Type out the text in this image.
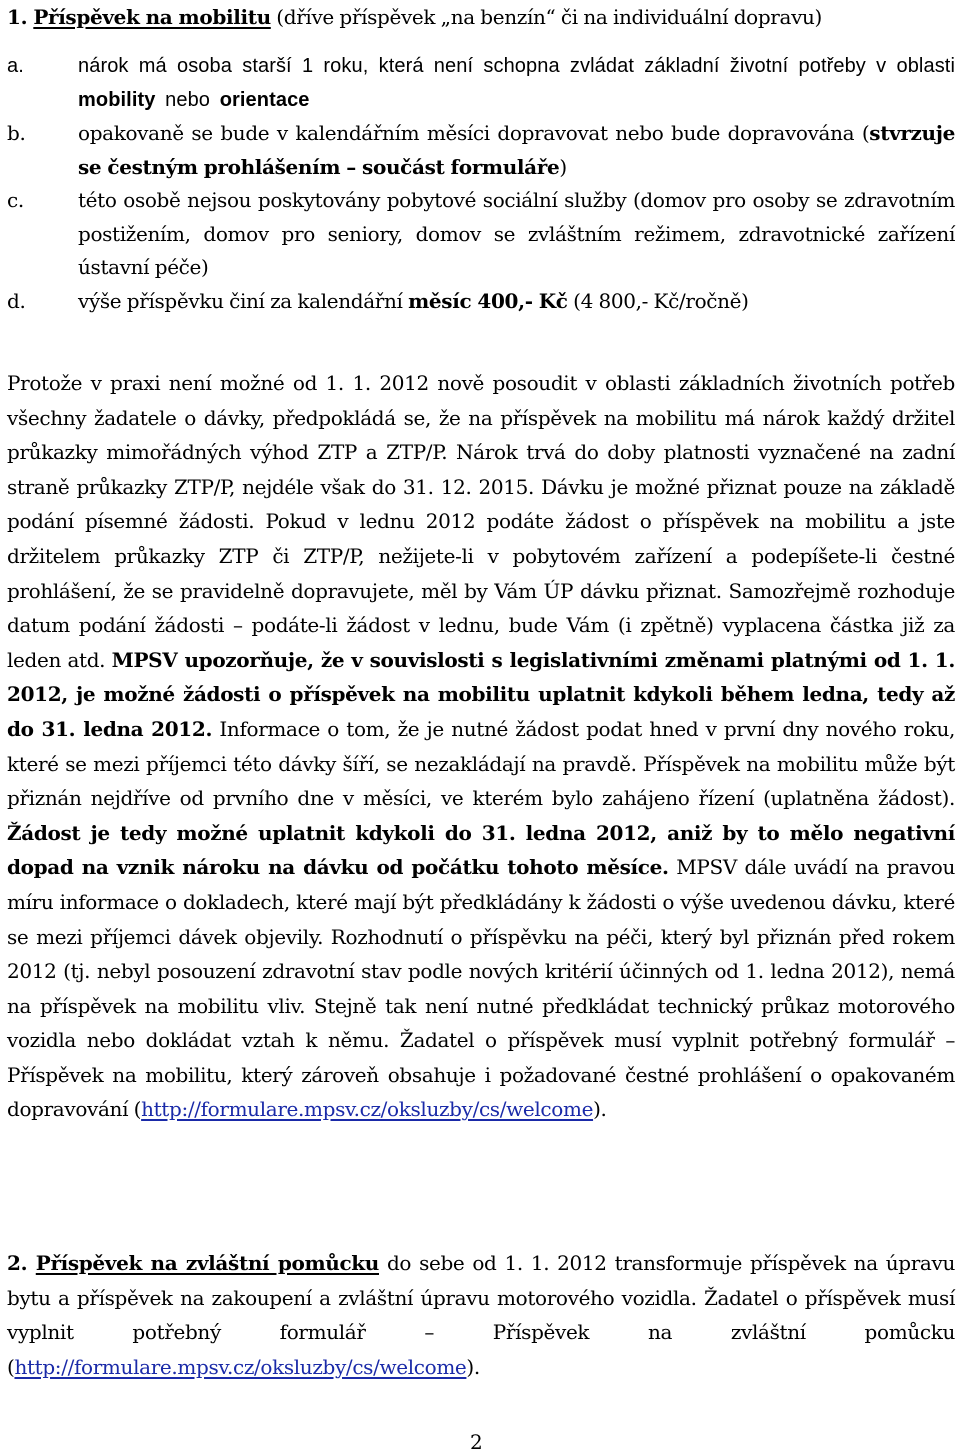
1. Příspěvek na mobilitu (dříve příspěvek „na benzín“ či na individuální dopravu)

a.	nárok má osoba starší 1 roku, která není schopna zvládat základní životní potřeby v oblasti mobility nebo orientace
b.	opakovaně se bude v kalendářním měsíci dopravovat nebo bude dopravována (stvrzuje se čestným prohlášením – součást formuláře)
c.	této osobě nejsou poskytovány pobytové sociální služby (domov pro osoby se zdravotním postižením, domov pro seniory, domov se zvláštním režimem, zdravotnické zařízení ústavní péče)
d.	výše příspěvku činí za kalendářní měsíc 400,- Kč (4 800,- Kč/ročně)

Protože v praxi není možné od 1. 1. 2012 nově posoudit v oblasti základních životních potřeb všechny žadatele o dávky, předpokládá se, že na příspěvek na mobilitu má nárok každý držitel průkazky mimořádných výhod ZTP a ZTP/P. Nárok trvá do doby platnosti vyznačené na zadní straně průkazky ZTP/P, nejdéle však do 31. 12. 2015. Dávku je možné přiznat pouze na základě podání písemné žádosti. Pokud v lednu 2012 podáte žádost o příspěvek na mobilitu a jste držitelem průkazky ZTP či ZTP/P, nežijete-li v pobytovém zařízení a podepíšete-li čestné prohlášení, že se pravidelně dopravujete, měl by Vám ÚP dávku přiznat. Samozřejmě rozhoduje datum podání žádosti – podáte-li žádost v lednu, bude Vám (i zpětně) vyplacena částka již za leden atd. MPSV upozorňuje, že v souvislosti s legislativními změnami platnými od 1. 1. 2012, je možné žádosti o příspěvek na mobilitu uplatnit kdykoli během ledna, tedy až do 31. ledna 2012. Informace o tom, že je nutné žádost podat hned v první dny nového roku, které se mezi příjemci této dávky šíří, se nezakládají na pravdě. Příspěvek na mobilitu může být přiznán nejdříve od prvního dne v měsíci, ve kterém bylo zahájeno řízení (uplatněna žádost). Žádost je tedy možné uplatnit kdykoli do 31. ledna 2012, aniž by to mělo negativní dopad na vznik nároku na dávku od počátku tohoto měsíce. MPSV dále uvádí na pravou míru informace o dokladech, které mají být předkládány k žádosti o výše uvedenou dávku, které se mezi příjemci dávek objevily. Rozhodnutí o příspěvku na péči, který byl přiznán před rokem 2012 (tj. nebyl posouzení zdravotní stav podle nových kritérií účinných od 1. ledna 2012), nemá na příspěvek na mobilitu vliv. Stejně tak není nutné předkládat technický průkaz motorového vozidla nebo dokládat vztah k němu. Žadatel o příspěvek musí vyplnit potřebný formulář – Příspěvek na mobilitu, který zároveň obsahuje i požadované čestné prohlášení o opakovaném dopravování (http://formulare.mpsv.cz/oksluzby/cs/welcome).

2. Příspěvek na zvláštní pomůcku do sebe od 1. 1. 2012 transformuje příspěvek na úpravu bytu a příspěvek na zakoupení a zvláštní úpravu motorového vozidla. Žadatel o příspěvek musí vyplnit potřebný formulář – Příspěvek na zvláštní pomůcku (http://formulare.mpsv.cz/oksluzby/cs/welcome).

2
